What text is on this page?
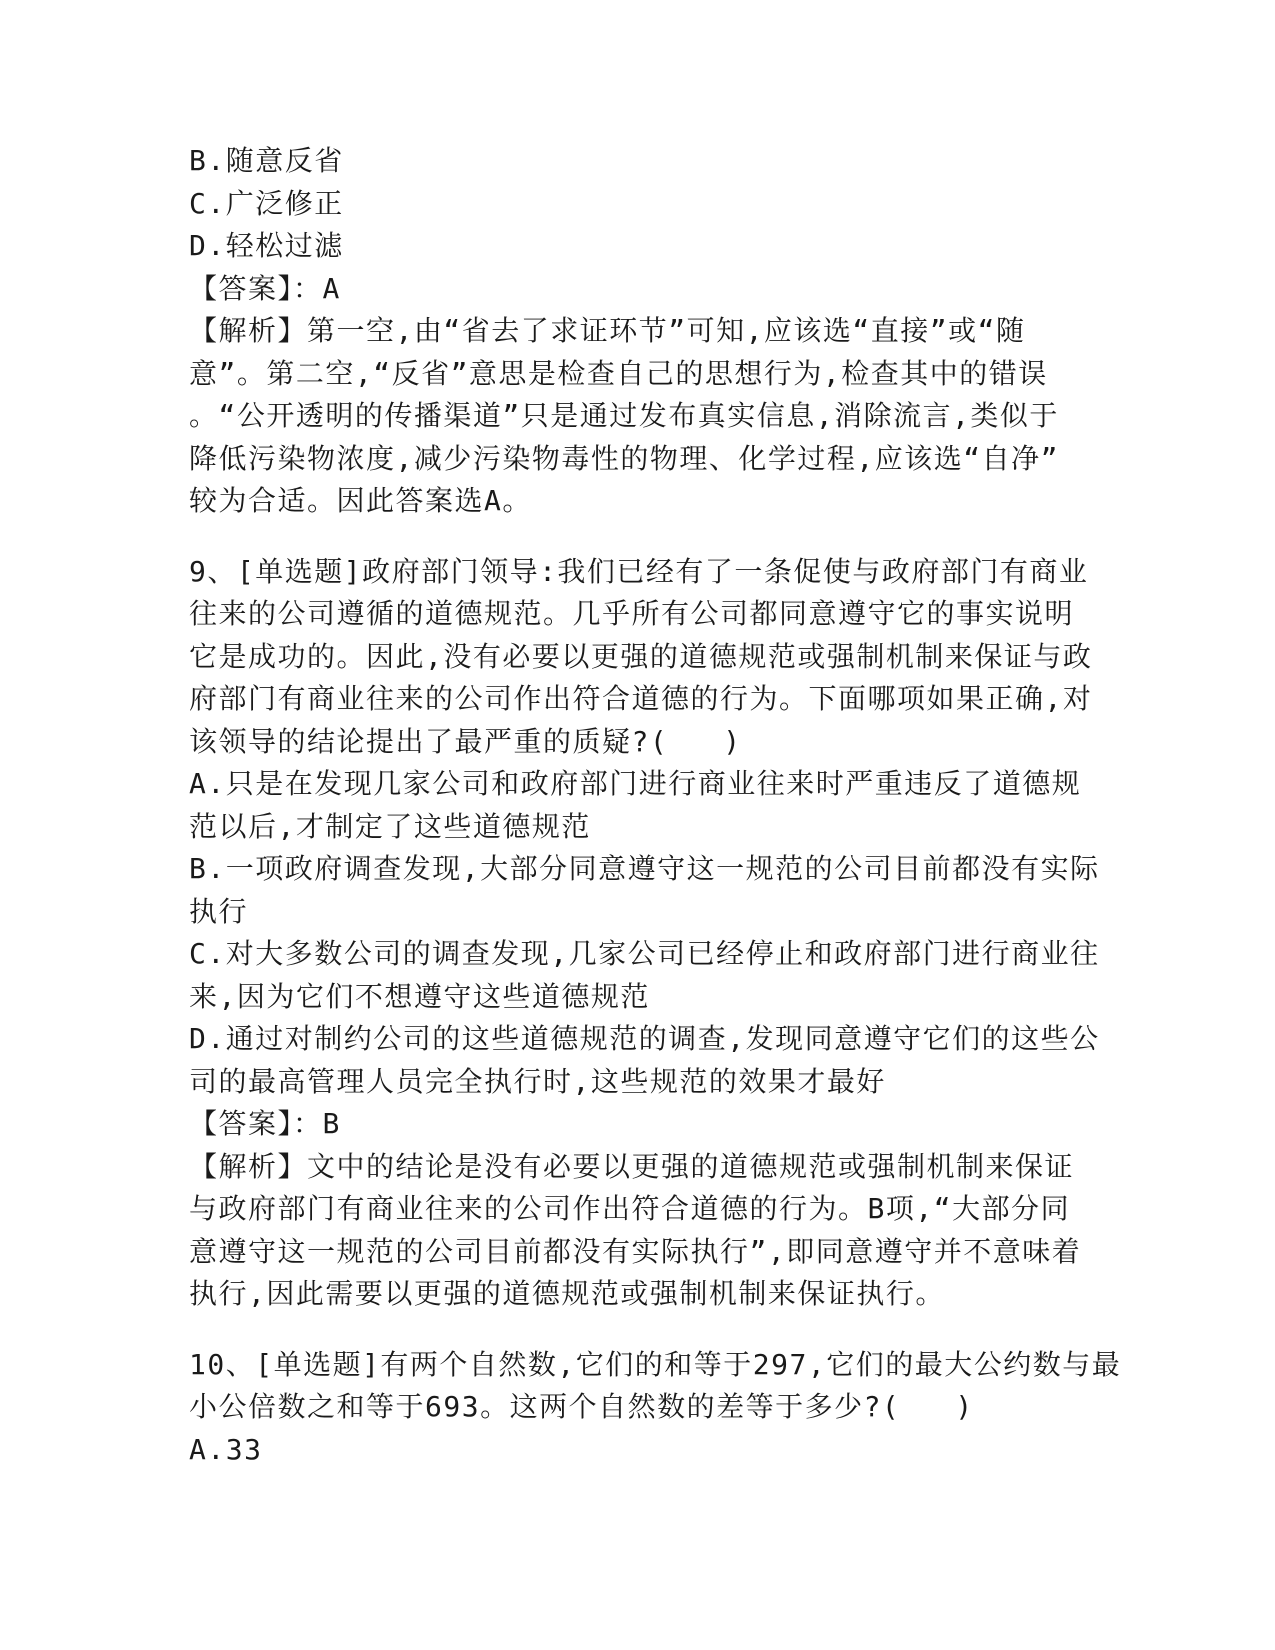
B.随意反省
C.广泛修正
D.轻松过滤
【答案】：A
【解析】第一空,由“省去了求证环节”可知,应该选“直接”或“随
意”。第二空,“反省”意思是检查自己的思想行为,检查其中的错误
。“公开透明的传播渠道”只是通过发布真实信息,消除流言,类似于
降低污染物浓度,减少污染物毒性的物理、化学过程,应该选“自净”
较为合适。因此答案选A。
9、[单选题]政府部门领导:我们已经有了一条促使与政府部门有商业
往来的公司遵循的道德规范。几乎所有公司都同意遵守它的事实说明
它是成功的。因此,没有必要以更强的道德规范或强制机制来保证与政
府部门有商业往来的公司作出符合道德的行为。下面哪项如果正确,对
该领导的结论提出了最严重的质疑?(   )
A.只是在发现几家公司和政府部门进行商业往来时严重违反了道德规
范以后,才制定了这些道德规范
B.一项政府调查发现,大部分同意遵守这一规范的公司目前都没有实际
执行
C.对大多数公司的调查发现,几家公司已经停止和政府部门进行商业往
来,因为它们不想遵守这些道德规范
D.通过对制约公司的这些道德规范的调查,发现同意遵守它们的这些公
司的最高管理人员完全执行时,这些规范的效果才最好
【答案】：B
【解析】文中的结论是没有必要以更强的道德规范或强制机制来保证
与政府部门有商业往来的公司作出符合道德的行为。B项,“大部分同
意遵守这一规范的公司目前都没有实际执行”,即同意遵守并不意味着
执行,因此需要以更强的道德规范或强制机制来保证执行。
10、[单选题]有两个自然数,它们的和等于297,它们的最大公约数与最
小公倍数之和等于693。这两个自然数的差等于多少?(   )
A.33
